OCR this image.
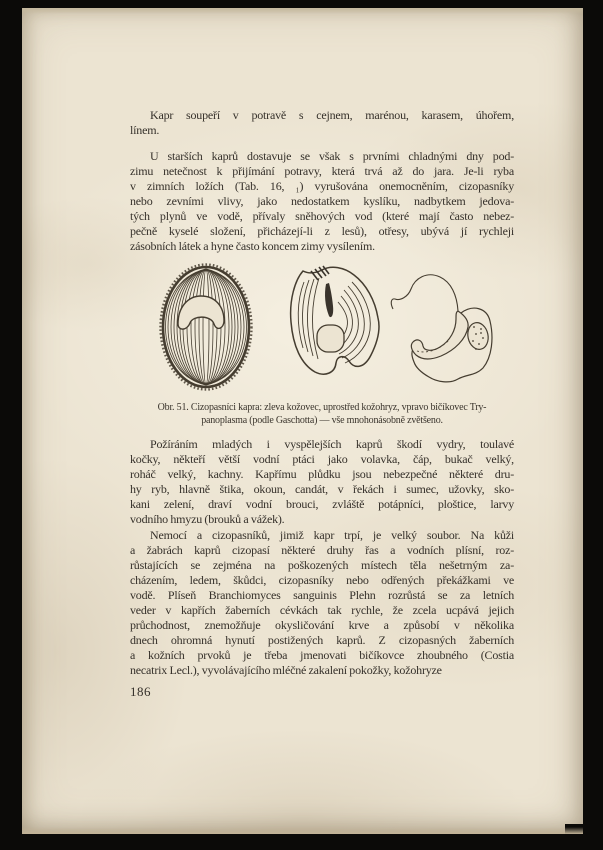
Kapr soupeří v potravě s cejnem, marénou, karasem, úhořem,
línem.
U starších kaprů dostavuje se však s prvními chladnými dny pod-
zimu netečnost k přijímání potravy, která trvá až do jara. Je-li ryba
v zimních ložích (Tab. 16, ₁) vyrušována onemocněním, cizopasníky
nebo zevními vlivy, jako nedostatkem kyslíku, nadbytkem jedova-
tých plynů ve vodě, přívaly sněhových vod (které mají často nebez-
pečně kyselé složení, přicházejí-li z lesů), otřesy, ubývá jí rychleji
zásobních látek a hyne často koncem zimy vysílením.
Obr. 51. Cizopasníci kapra: zleva kožovec, uprostřed kožohryz, vpravo bičíkovec Try-
panoplasma (podle Gaschotta) — vše mnohonásobně zvětšeno.
Požíráním mladých i vyspělejších kaprů škodí vydry, toulavé
kočky, někteří větší vodní ptáci jako volavka, čáp, bukač velký,
roháč velký, kachny. Kapřímu plůdku jsou nebezpečné některé dru-
hy ryb, hlavně štika, okoun, candát, v řekách i sumec, užovky, sko-
kani zelení, draví vodní brouci, zvláště potápníci, ploštice, larvy
vodního hmyzu (brouků a vážek).
Nemocí a cizopasníků, jimiž kapr trpí, je velký soubor. Na kůži
a žabrách kaprů cizopasí některé druhy řas a vodních plísní, roz-
růstajících se zejména na poškozených místech těla nešetrným za-
cházením, ledem, škůdci, cizopasníky nebo odřených překážkami ve
vodě. Plíseň Branchiomyces sanguinis Plehn rozrůstá se za letních
veder v kapřích žaberních cévkách tak rychle, že zcela ucpává jejich
průchodnost, znemožňuje okysličování krve a způsobí v několika
dnech ohromná hynutí postižených kaprů. Z cizopasných žaberních
a kožních prvoků je třeba jmenovati bičíkovce zhoubného (Costia
necatrix Lecl.), vyvolávajícího mléčné zakalení pokožky, kožohryze
186
